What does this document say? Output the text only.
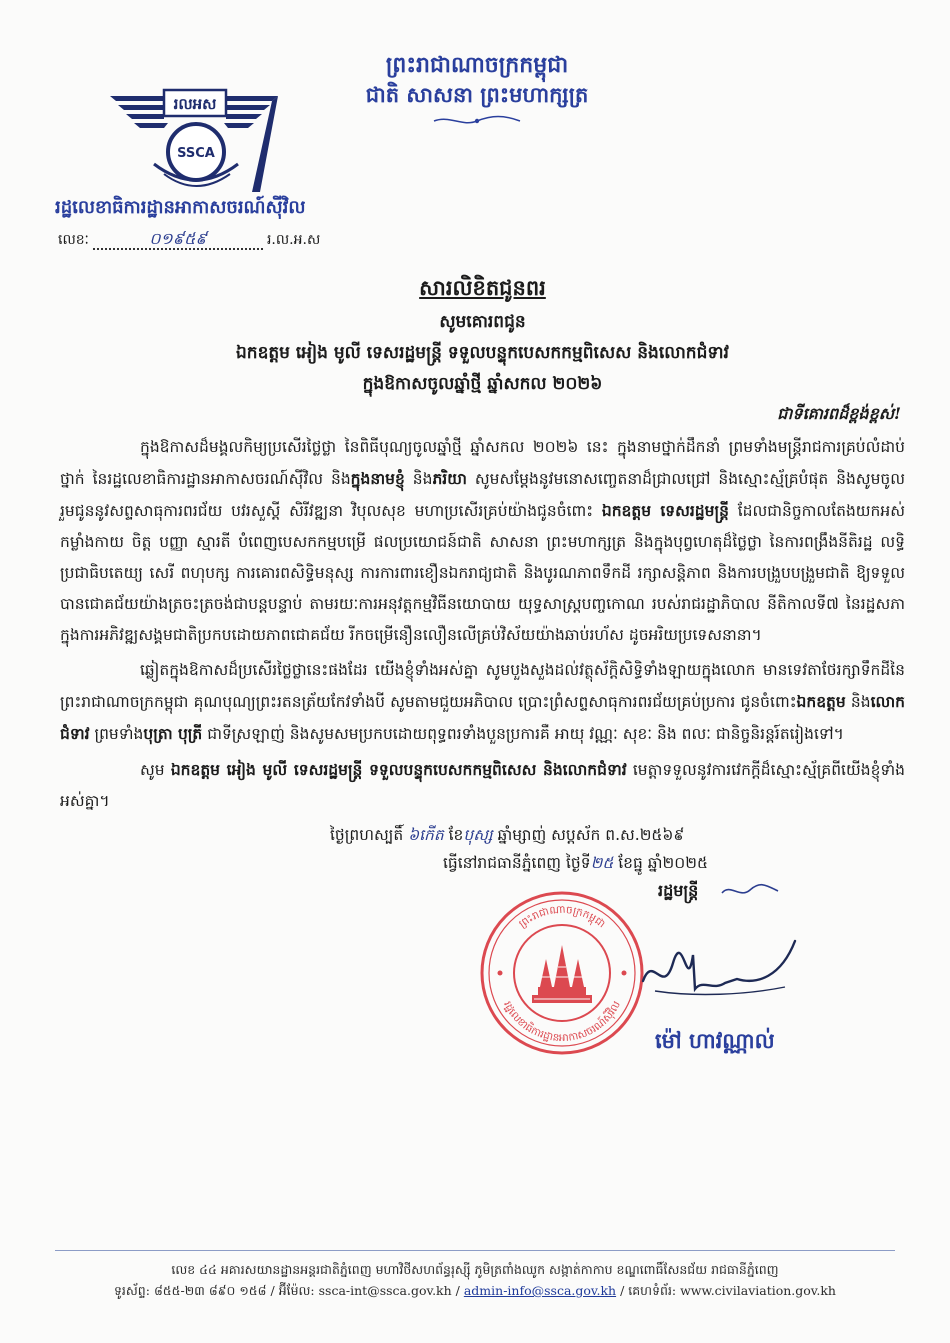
ព្រះរាជាណាចក្រកម្ពុជា
ជាតិ សាសនា ព្រះមហាក្សត្រ
រលអស
SSCA
រដ្ឋលេខាធិការដ្ឋានអាកាសចរណ៍ស៊ីវិល
លេខៈ	០១៩៥៩	រ.ល.អ.ស
សារលិខិតជូនពរ
សូមគោរពជូន
ឯកឧត្តម អៀង មូលី ទេសរដ្ឋមន្ត្រី ទទួលបន្ទុកបេសកកម្មពិសេស និងលោកជំទាវ
ក្នុងឱកាសចូលឆ្នាំថ្មី ឆ្នាំសកល ២០២៦
ជាទីគោរពដ៏ខ្ពង់ខ្ពស់!

ក្នុងឱកាសដ៏មង្គលកិម្យប្រសើរថ្លៃថ្លា នៃពិធីបុណ្យចូលឆ្នាំថ្មី ឆ្នាំសកល ២០២៦ នេះ ក្នុងនាមថ្នាក់ដឹកនាំ ព្រមទាំងមន្ត្រីរាជការគ្រប់លំដាប់ថ្នាក់ នៃរដ្ឋលេខាធិការដ្ឋានអាកាសចរណ៍ស៊ីវិល និងក្នុងនាមខ្ញុំ និងភរិយា សូមសម្តែងនូវមនោសញ្ចេតនាដ៏ជ្រាលជ្រៅ និងស្មោះស្ម័គ្របំផុត និងសូមចូលរួមជូននូវសព្ទសាធុការពរជ័យ បវរសួស្តី សិរីវឌ្ឍនា វិបុលសុខ មហាប្រសើរគ្រប់យ៉ាងជូនចំពោះ ឯកឧត្តម ទេសរដ្ឋមន្ត្រី ដែលជានិច្ចកាលតែងយកអស់កម្លាំងកាយ ចិត្ត បញ្ញា ស្មារតី បំពេញបេសកកម្មបម្រើ ផលប្រយោជន៍ជាតិ សាសនា ព្រះមហាក្សត្រ និងក្នុងបុព្វហេតុដ៏ថ្លៃថ្លា នៃការពង្រឹងនីតិរដ្ឋ លទ្ធិប្រជាធិបតេយ្យ សេរី ពហុបក្ស ការគោរពសិទ្ធិមនុស្ស ការការពារខឿនឯករាជ្យជាតិ និងបូរណភាពទឹកដី រក្សាសន្តិភាព និងការបង្រួបបង្រួមជាតិ ឱ្យទទួលបានជោគជ័យយ៉ាងត្រចះត្រចង់ជាបន្តបន្ទាប់ តាមរយៈការអនុវត្តកម្មវិធីនយោបាយ យុទ្ធសាស្ត្របញ្ចកោណ របស់រាជរដ្ឋាភិបាល នីតិកាលទី៧ នៃរដ្ឋសភា ក្នុងការអភិវឌ្ឍសង្គមជាតិប្រកបដោយភាពជោគជ័យ រីកចម្រើនឿនលឿនលើគ្រប់វិស័យយ៉ាងឆាប់រហ័ស ដូចអរិយប្រទេសនានា។

ឆ្លៀតក្នុងឱកាសដ៏ប្រសើរថ្លៃថ្លានេះផងដែរ យើងខ្ញុំទាំងអស់គ្នា សូមបួងសួងដល់វត្ថុស័ក្តិសិទ្ធិទាំងឡាយក្នុងលោក មានទេវតាថែរក្សាទឹកដីនៃព្រះរាជាណាចក្រកម្ពុជា គុណបុណ្យព្រះរតនត្រ័យកែវទាំងបី សូមតាមជួយអភិបាល ប្រោះព្រំសព្ទសាធុការពរជ័យគ្រប់ប្រការ ជូនចំពោះឯកឧត្តម និងលោកជំទាវ ព្រមទាំងបុត្រា បុត្រី ជាទីស្រឡាញ់ និងសូមសមប្រកបដោយពុទ្ធពរទាំងបួនប្រការគឺ អាយុ វណ្ណៈ សុខៈ និង ពលៈ ជានិច្ចនិរន្តរ៍តរៀងទៅ។

សូម ឯកឧត្តម អៀង មូលី ទេសរដ្ឋមន្ត្រី ទទួលបន្ទុកបេសកកម្មពិសេស និងលោកជំទាវ មេត្តាទទួលនូវការវេកក្តីដ៏ស្មោះស្ម័គ្រពីយើងខ្ញុំទាំងអស់គ្នា។

ថ្ងៃព្រហស្បតិ៍ ៦កើត ខែបុស្ស ឆ្នាំម្សាញ់ សប្តស័ក ព.ស.២៥៦៩
ធ្វើនៅរាជធានីភ្នំពេញ ថ្ងៃទី២៥ ខែធ្នូ ឆ្នាំ២០២៥
រដ្ឋមន្ត្រី
ព្រះរាជាណាចក្រកម្ពុជា
រដ្ឋលេខាធិការដ្ឋានអាកាសចរណ៍ស៊ីវិល
ម៉ៅ ហាវណ្ណាល់
លេខ ៤៤ អគារសយានដ្ឋានអន្តរជាតិភ្នំពេញ មហាវិថីសហព័ន្ធរុស្ស៊ី ភូមិត្រពាំងឈូក សង្កាត់កាកាប ខណ្ឌពោធិ៍សែនជ័យ រាជធានីភ្នំពេញ
ទូរស័ព្ទ: ៨៥៥-២៣ ៨៩០ ១៥៨ / អ៊ីម៉ែល: ssca-int@ssca.gov.kh / admin-info@ssca.gov.kh / គេហទំព័រ: www.civilaviation.gov.kh
